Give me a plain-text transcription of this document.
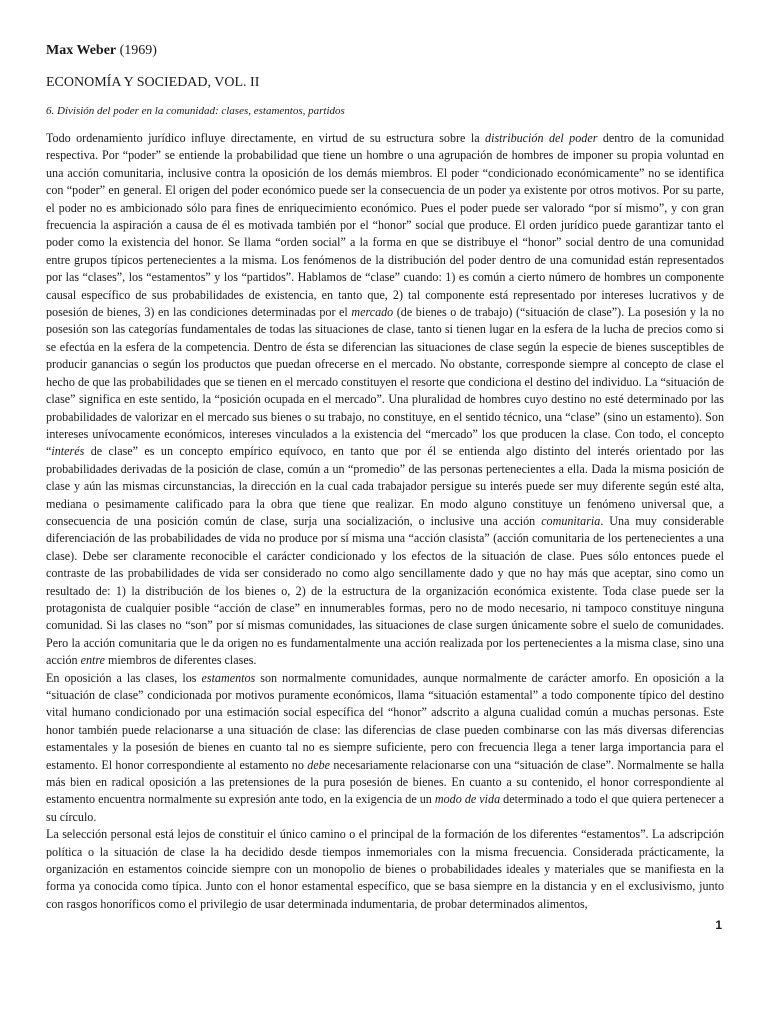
Max Weber (1969)
ECONOMÍA Y SOCIEDAD, VOL. II
6. División del poder en la comunidad: clases, estamentos, partidos

Todo ordenamiento jurídico influye directamente, en virtud de su estructura sobre la distribución del poder dentro de la comunidad respectiva. Por “poder” se entiende la probabilidad que tiene un hombre o una agrupación de hombres de imponer su propia voluntad en una acción comunitaria, inclusive contra la oposición de los demás miembros. El poder “condicionado económicamente” no se identifica con “poder” en general. El origen del poder económico puede ser la consecuencia de un poder ya existente por otros motivos. Por su parte, el poder no es ambicionado sólo para fines de enriquecimiento económico. Pues el poder puede ser valorado “por sí mismo”, y con gran frecuencia la aspiración a causa de él es motivada también por el “honor” social que produce. El orden jurídico puede garantizar tanto el poder como la existencia del honor. Se llama “orden social” a la forma en que se distribuye el “honor” social dentro de una comunidad entre grupos típicos pertenecientes a la misma. Los fenómenos de la distribución del poder dentro de una comunidad están representados por las “clases”, los “estamentos” y los “partidos”. Hablamos de “clase” cuando: 1) es común a cierto número de hombres un componente causal específico de sus probabilidades de existencia, en tanto que, 2) tal componente está representado por intereses lucrativos y de posesión de bienes, 3) en las condiciones determinadas por el mercado (de bienes o de trabajo) (“situación de clase”). La posesión y la no posesión son las categorías fundamentales de todas las situaciones de clase, tanto si tienen lugar en la esfera de la lucha de precios como si se efectúa en la esfera de la competencia. Dentro de ésta se diferencian las situaciones de clase según la especie de bienes susceptibles de producir ganancias o según los productos que puedan ofrecerse en el mercado. No obstante, corresponde siempre al concepto de clase el hecho de que las probabilidades que se tienen en el mercado constituyen el resorte que condiciona el destino del individuo. La “situación de clase” significa en este sentido, la “posición ocupada en el mercado”. Una pluralidad de hombres cuyo destino no esté determinado por las probabilidades de valorizar en el mercado sus bienes o su trabajo, no constituye, en el sentido técnico, una “clase” (sino un estamento). Son intereses unívocamente económicos, intereses vinculados a la existencia del “mercado” los que producen la clase. Con todo, el concepto “interés de clase” es un concepto empírico equívoco, en tanto que por él se entienda algo distinto del interés orientado por las probabilidades derivadas de la posición de clase, común a un “promedio” de las personas pertenecientes a ella. Dada la misma posición de clase y aún las mismas circunstancias, la dirección en la cual cada trabajador persigue su interés puede ser muy diferente según esté alta, mediana o pesimamente calificado para la obra que tiene que realizar. En modo alguno constituye un fenómeno universal que, a consecuencia de una posición común de clase, surja una socialización, o inclusive una acción comunitaria. Una muy considerable diferenciación de las probabilidades de vida no produce por sí misma una “acción clasista” (acción comunitaria de los pertenecientes a una clase). Debe ser claramente reconocible el carácter condicionado y los efectos de la situación de clase. Pues sólo entonces puede el contraste de las probabilidades de vida ser considerado no como algo sencillamente dado y que no hay más que aceptar, sino como un resultado de: 1) la distribución de los bienes o, 2) de la estructura de la organización económica existente. Toda clase puede ser la protagonista de cualquier posible “acción de clase” en innumerables formas, pero no de modo necesario, ni tampoco constituye ninguna comunidad. Si las clases no “son” por sí mismas comunidades, las situaciones de clase surgen únicamente sobre el suelo de comunidades. Pero la acción comunitaria que le da origen no es fundamentalmente una acción realizada por los pertenecientes a la misma clase, sino una acción entre miembros de diferentes clases.

En oposición a las clases, los estamentos son normalmente comunidades, aunque normalmente de carácter amorfo. En oposición a la “situación de clase” condicionada por motivos puramente económicos, llama “situación estamental” a todo componente típico del destino vital humano condicionado por una estimación social específica del “honor” adscrito a alguna cualidad común a muchas personas. Este honor también puede relacionarse a una situación de clase: las diferencias de clase pueden combinarse con las más diversas diferencias estamentales y la posesión de bienes en cuanto tal no es siempre suficiente, pero con frecuencia llega a tener larga importancia para el estamento. El honor correspondiente al estamento no debe necesariamente relacionarse con una “situación de clase”. Normalmente se halla más bien en radical oposición a las pretensiones de la pura posesión de bienes. En cuanto a su contenido, el honor correspondiente al estamento encuentra normalmente su expresión ante todo, en la exigencia de un modo de vida determinado a todo el que quiera pertenecer a su círculo.

La selección personal está lejos de constituir el único camino o el principal de la formación de los diferentes “estamentos”. La adscripción política o la situación de clase la ha decidido desde tiempos inmemoriales con la misma frecuencia. Considerada prácticamente, la organización en estamentos coincide siempre con un monopolio de bienes o probabilidades ideales y materiales que se manifiesta en la forma ya conocida como típica. Junto con el honor estamental específico, que se basa siempre en la distancia y en el exclusivismo, junto con rasgos honoríficos como el privilegio de usar determinada indumentaria, de probar determinados alimentos,

1
